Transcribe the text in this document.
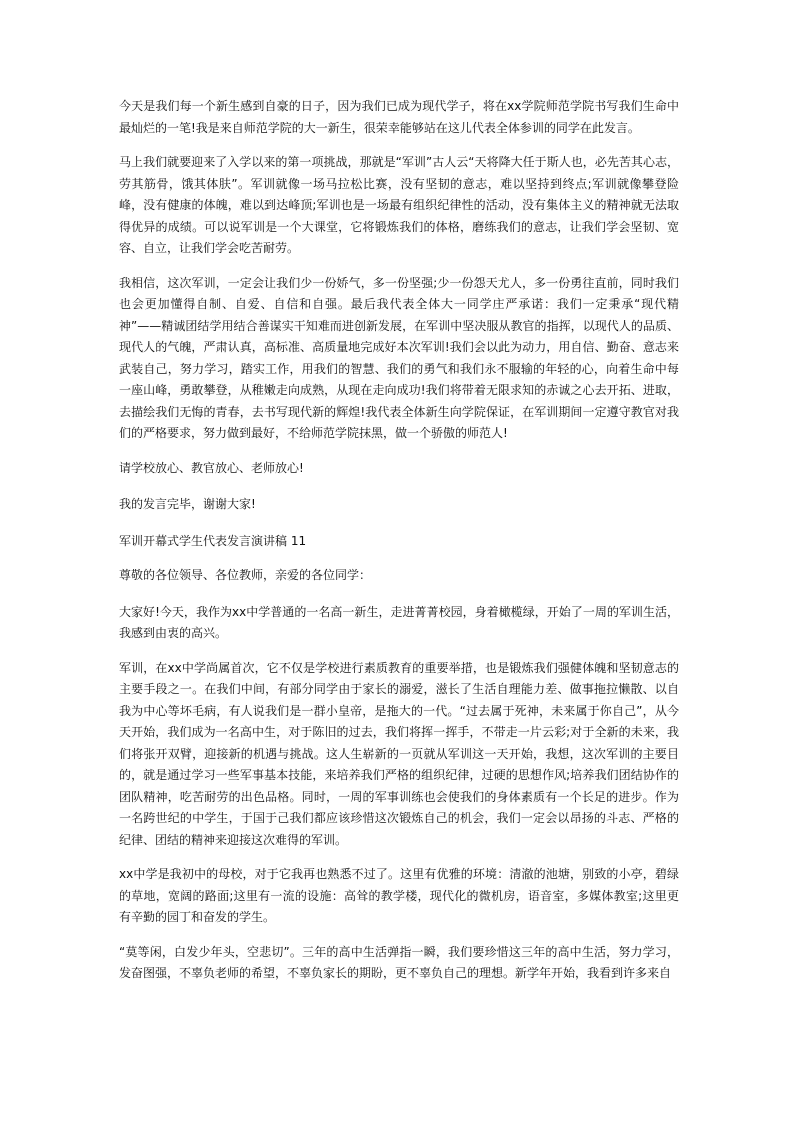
今天是我们每一个新生感到自豪的日子，因为我们已成为现代学子，将在xx学院师范学院书写我们生命中最灿烂的一笔!我是来自师范学院的大一新生，很荣幸能够站在这儿代表全体参训的同学在此发言。

马上我们就要迎来了入学以来的第一项挑战，那就是“军训”古人云“天将降大任于斯人也，必先苦其心志，劳其筋骨，饿其体肤”。军训就像一场马拉松比赛，没有坚韧的意志，难以坚持到终点;军训就像攀登险峰，没有健康的体魄，难以到达峰顶;军训也是一场最有组织纪律性的活动，没有集体主义的精神就无法取得优异的成绩。可以说军训是一个大课堂，它将锻炼我们的体格，磨练我们的意志，让我们学会坚韧、宽容、自立，让我们学会吃苦耐劳。

我相信，这次军训，一定会让我们少一份娇气，多一份坚强;少一份怨天尤人，多一份勇往直前，同时我们也会更加懂得自制、自爱、自信和自强。最后我代表全体大一同学庄严承诺：我们一定秉承“现代精神”——精诚团结学用结合善谋实干知难而进创新发展，在军训中坚决服从教官的指挥，以现代人的品质、现代人的气魄，严肃认真，高标准、高质量地完成好本次军训!我们会以此为动力，用自信、勤奋、意志来武装自己，努力学习，踏实工作，用我们的智慧、我们的勇气和我们永不服输的年轻的心，向着生命中每一座山峰，勇敢攀登，从稚嫩走向成熟，从现在走向成功!我们将带着无限求知的赤诚之心去开拓、进取，去描绘我们无悔的青春，去书写现代新的辉煌!我代表全体新生向学院保证，在军训期间一定遵守教官对我们的严格要求，努力做到最好，不给师范学院抹黑，做一个骄傲的师范人!

请学校放心、教官放心、老师放心!

我的发言完毕，谢谢大家!

军训开幕式学生代表发言演讲稿 11

尊敬的各位领导、各位教师，亲爱的各位同学：

大家好!今天，我作为xx中学普通的一名高一新生，走进菁菁校园，身着橄榄绿，开始了一周的军训生活，我感到由衷的高兴。

军训，在xx中学尚属首次，它不仅是学校进行素质教育的重要举措，也是锻炼我们强健体魄和坚韧意志的主要手段之一。在我们中间，有部分同学由于家长的溺爱，滋长了生活自理能力差、做事拖拉懒散、以自我为中心等坏毛病，有人说我们是一群小皇帝，是拖大的一代。“过去属于死神，未来属于你自己”，从今天开始，我们成为一名高中生，对于陈旧的过去，我们将挥一挥手，不带走一片云彩;对于全新的未来，我们将张开双臂，迎接新的机遇与挑战。这人生崭新的一页就从军训这一天开始，我想，这次军训的主要目的，就是通过学习一些军事基本技能，来培养我们严格的组织纪律，过硬的思想作风;培养我们团结协作的团队精神，吃苦耐劳的出色品格。同时，一周的军事训练也会使我们的身体素质有一个长足的进步。作为一名跨世纪的中学生，于国于己我们都应该珍惜这次锻炼自己的机会，我们一定会以昂扬的斗志、严格的纪律、团结的精神来迎接这次难得的军训。

xx中学是我初中的母校，对于它我再也熟悉不过了。这里有优雅的环境：清澈的池塘，别致的小亭，碧绿的草地，宽阔的路面;这里有一流的设施：高耸的教学楼，现代化的微机房，语音室，多媒体教室;这里更有辛勤的园丁和奋发的学生。

“莫等闲，白发少年头，空悲切”。三年的高中生活弹指一瞬，我们要珍惜这三年的高中生活，努力学习，发奋图强，不辜负老师的希望，不辜负家长的期盼，更不辜负自己的理想。新学年开始，我看到许多来自
